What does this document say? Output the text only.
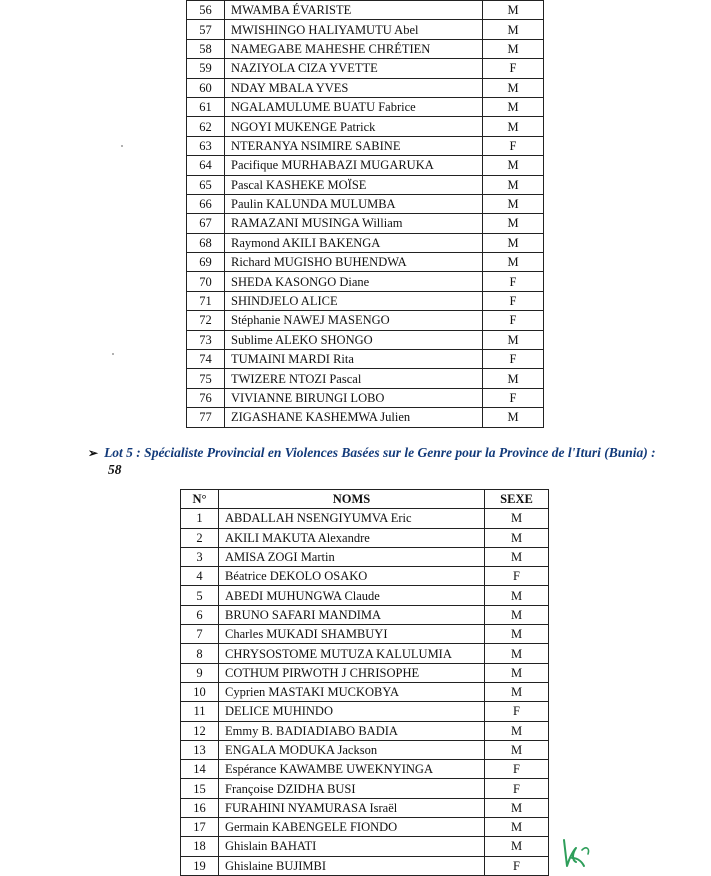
56	MWAMBA ÉVARISTE	M
57	MWISHINGO HALIYAMUTU Abel	M
58	NAMEGABE MAHESHE CHRÉTIEN	M
59	NAZIYOLA CIZA YVETTE	F
60	NDAY MBALA YVES	M
61	NGALAMULUME BUATU Fabrice	M
62	NGOYI MUKENGE Patrick	M
63	NTERANYA NSIMIRE SABINE	F
64	Pacifique MURHABAZI MUGARUKA	M
65	Pascal KASHEKE MOÏSE	M
66	Paulin KALUNDA MULUMBA	M
67	RAMAZANI MUSINGA William	M
68	Raymond AKILI BAKENGA	M
69	Richard MUGISHO BUHENDWA	M
70	SHEDA KASONGO Diane	F
71	SHINDJELO ALICE	F
72	Stéphanie NAWEJ MASENGO	F
73	Sublime ALEKO SHONGO	M
74	TUMAINI MARDI Rita	F
75	TWIZERE NTOZI Pascal	M
76	VIVIANNE BIRUNGI LOBO	F
77	ZIGASHANE KASHEMWA Julien	M
➢ Lot 5 : Spécialiste Provincial en Violences Basées sur le Genre pour la Province de l'Ituri (Bunia) :
58
N°	NOMS	SEXE
1	ABDALLAH NSENGIYUMVA Eric	M
2	AKILI MAKUTA Alexandre	M
3	AMISA ZOGI Martin	M
4	Béatrice DEKOLO OSAKO	F
5	ABEDI MUHUNGWA Claude	M
6	BRUNO SAFARI MANDIMA	M
7	Charles MUKADI SHAMBUYI	M
8	CHRYSOSTOME MUTUZA KALULUMIA	M
9	COTHUM PIRWOTH J CHRISOPHE	M
10	Cyprien MASTAKI MUCKOBYA	M
11	DELICE MUHINDO	F
12	Emmy B. BADIADIABO BADIA	M
13	ENGALA MODUKA Jackson	M
14	Espérance KAWAMBE UWEKNYINGA	F
15	Françoise DZIDHA BUSI	F
16	FURAHINI NYAMURASA Israël	M
17	Germain KABENGELE FIONDO	M
18	Ghislain BAHATI	M
19	Ghislaine BUJIMBI	F
